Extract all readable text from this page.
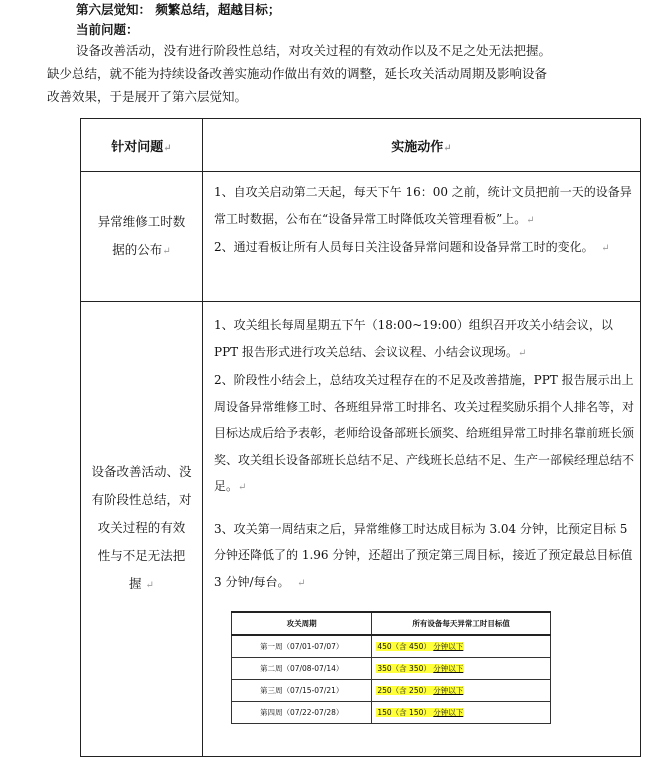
第六层觉知： 频繁总结，超越目标；
当前问题：
设备改善活动，没有进行阶段性总结，对攻关过程的有效动作以及不足之处无法把握。
缺少总结，就不能为持续设备改善实施动作做出有效的调整，延长攻关活动周期及影响设备
改善效果，于是展开了第六层觉知。
针对问题↵	实施动作↵

异常维修工时数
据的公布↵

1、自攻关启动第二天起，每天下午 16：00 之前，统计文员把前一天的设备异常工时数据，公布在“设备异常工时降低攻关管理看板”上。↵

2、通过看板让所有人员每日关注设备异常问题和设备异常工时的变化。 ↵

设备改善活动、没
有阶段性总结，对
攻关过程的有效
性与不足无法把
握 ↵

1、攻关组长每周星期五下午（18:00~19:00）组织召开攻关小结会议，以 PPT 报告形式进行攻关总结、会议议程、小结会议现场。↵

2、阶段性小结会上，总结攻关过程存在的不足及改善措施，PPT 报告展示出上周设备异常维修工时、各班组异常工时排名、攻关过程奖励乐捐个人排名等，对目标达成后给予表彰，老师给设备部班长颁奖、给班组异常工时排名靠前班长颁奖、攻关组长设备部班长总结不足、产线班长总结不足、生产一部候经理总结不足。↵

3、攻关第一周结束之后，异常维修工时达成目标为 3.04 分钟，比预定目标 5 分钟还降低了的 1.96 分钟，还超出了预定第三周目标，接近了预定最总目标值 3 分钟/每台。 ↵

攻关周期	所有设备每天异常工时目标值
第一周（07/01-07/07）	450（含 450） 分钟以下
第二周（07/08-07/14）	350（含 350） 分钟以下
第三周（07/15-07/21）	250（含 250） 分钟以下
第四周（07/22-07/28）	150（含 150） 分钟以下
